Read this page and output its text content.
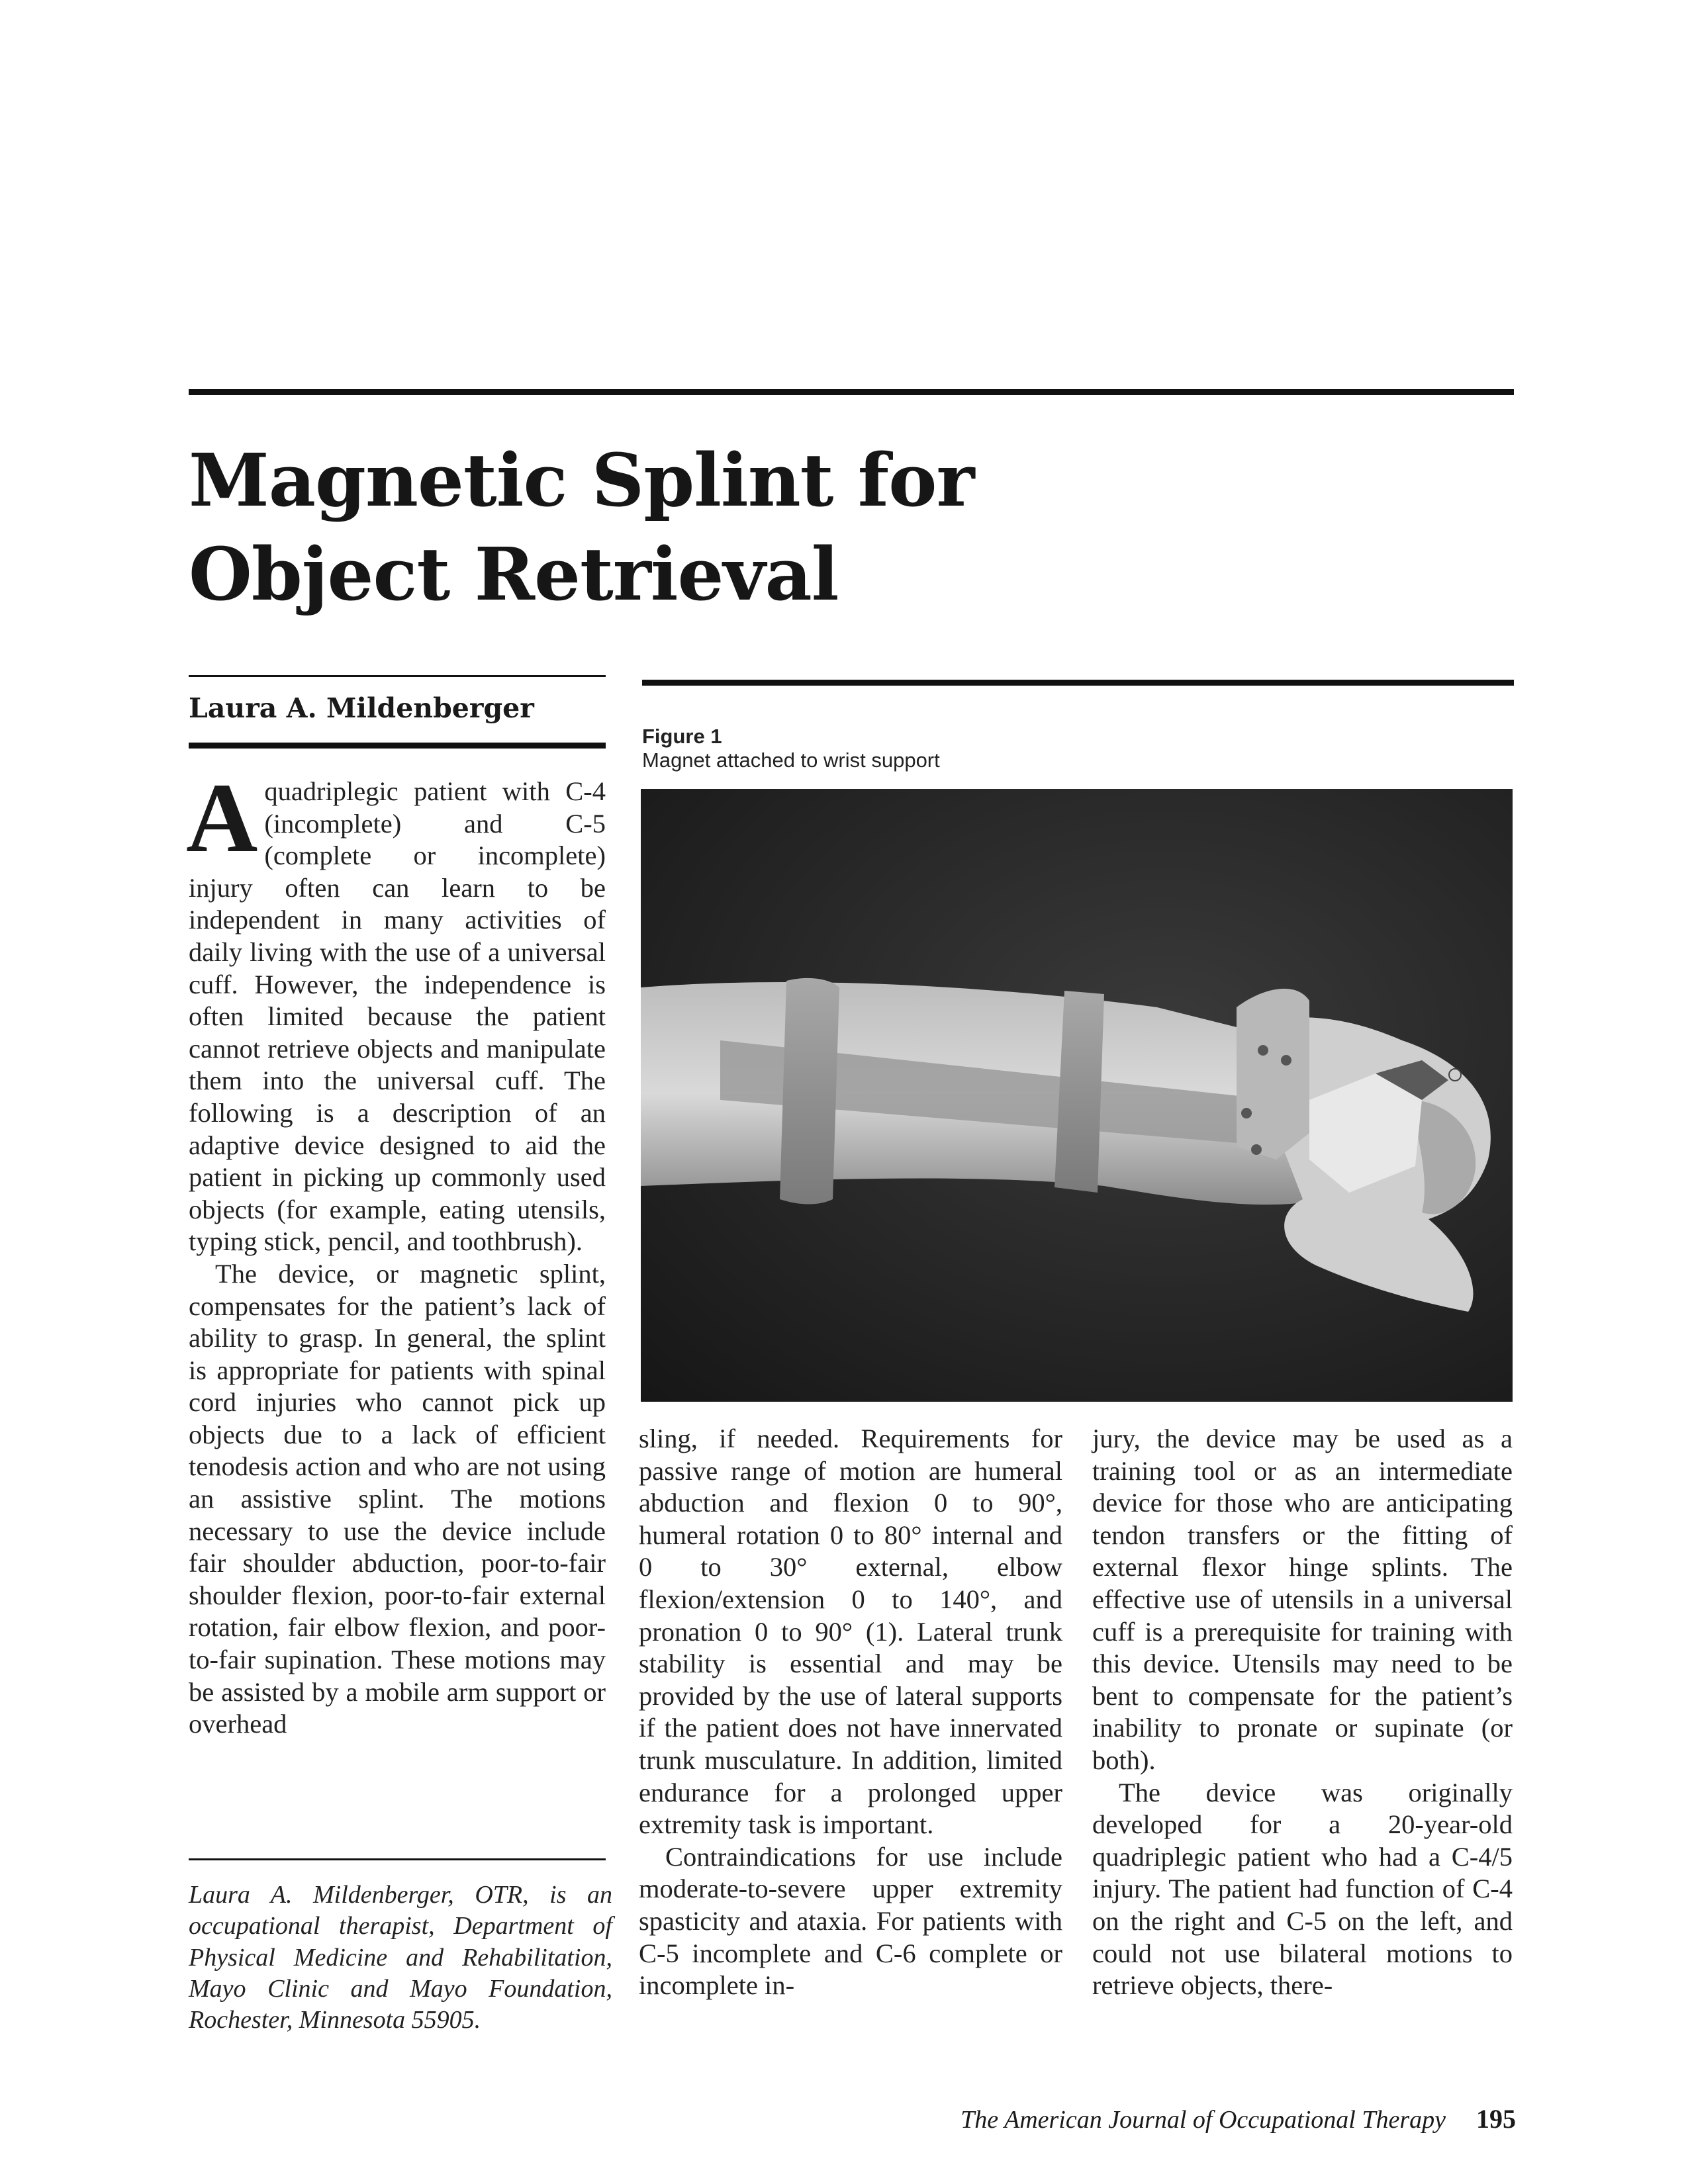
Magnetic Splint for
Object Retrieval
Laura A. Mildenberger

Aquadriplegic patient with C-4 (incomplete) and C-5 (complete or incomplete) injury often can learn to be independent in many activities of daily living with the use of a universal cuff. However, the independence is often limited because the patient cannot retrieve objects and manipulate them into the universal cuff. The following is a description of an adaptive device designed to aid the patient in picking up commonly used objects (for example, eating utensils, typing stick, pencil, and toothbrush).

The device, or magnetic splint, compensates for the patient’s lack of ability to grasp. In general, the splint is appropriate for patients with spinal cord injuries who cannot pick up objects due to a lack of efficient tenodesis action and who are not using an assistive splint. The motions necessary to use the device include fair shoulder abduction, poor-to-fair shoulder flexion, poor-to-fair external rotation, fair elbow flexion, and poor-to-fair supination. These motions may be assisted by a mobile arm support or overhead

Figure 1
Magnet attached to wrist support

sling, if needed. Requirements for passive range of motion are humeral abduction and flexion 0 to 90°, humeral rotation 0 to 80° internal and 0 to 30° external, elbow flexion/extension 0 to 140°, and pronation 0 to 90° (1). Lateral trunk stability is essential and may be provided by the use of lateral supports if the patient does not have innervated trunk musculature. In addition, limited endurance for a prolonged upper extremity task is important.

Contraindications for use include moderate-to-severe upper extremity spasticity and ataxia. For patients with C-5 incomplete and C-6 complete or incomplete in-

jury, the device may be used as a training tool or as an intermediate device for those who are anticipating tendon transfers or the fitting of external flexor hinge splints. The effective use of utensils in a universal cuff is a prerequisite for training with this device. Utensils may need to be bent to compensate for the patient’s inability to pronate or supinate (or both).

The device was originally developed for a 20-year-old quadriplegic patient who had a C-4/5 injury. The patient had function of C-4 on the right and C-5 on the left, and could not use bilateral motions to retrieve objects, there-

Laura A. Mildenberger, OTR, is an occupational therapist, Department of Physical Medicine and Rehabilitation, Mayo Clinic and Mayo Foundation, Rochester, Minnesota 55905.
The American Journal of Occupational Therapy 195
